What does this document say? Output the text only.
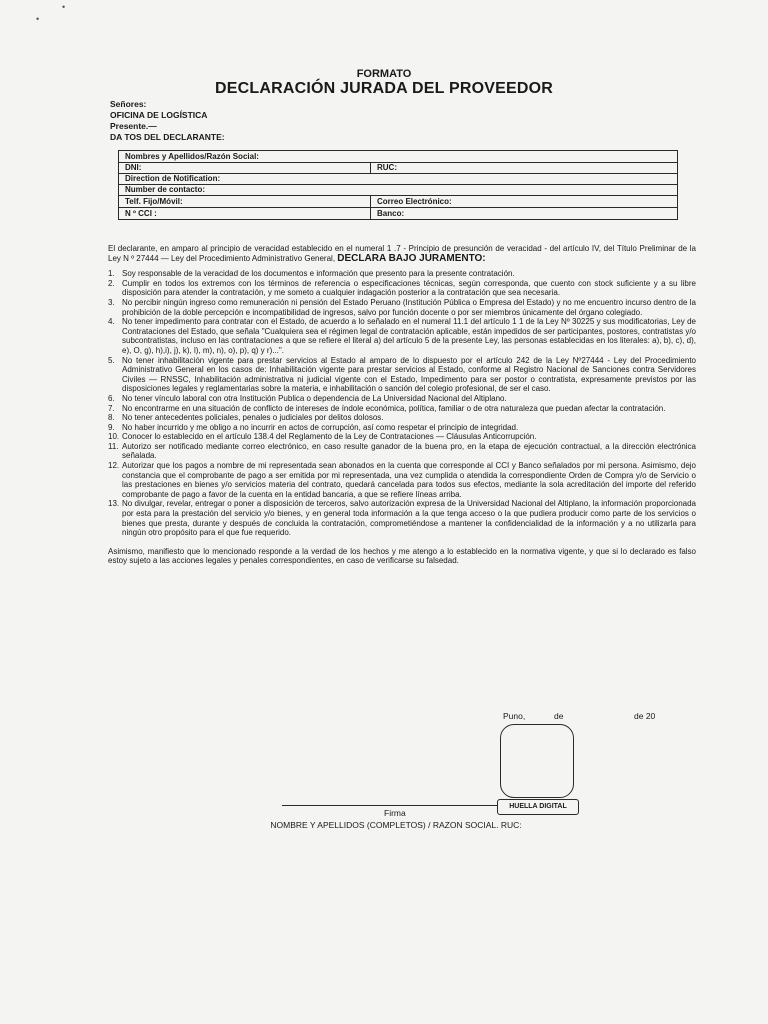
•
•
FORMATO
DECLARACIÓN JURADA DEL PROVEEDOR
Señores:
OFICINA DE LOGÍSTICA
Presente.—
DA TOS DEL DECLARANTE:
Nombres y Apellidos/Razón Social:	
DNI:	RUC:
Direction de Notification:	
Number de contacto:	
Telf. Fijo/Móvil:	Correo Electrónico:
N º CCI :	Banco:

El declarante, en amparo al principio de veracidad establecido en el numeral 1 .7 - Principio de presunción de veracidad - del artículo IV, del Título Preliminar de la Ley N º 27444 — Ley del Procedimiento Administrativo General, DECLARA BAJO JURAMENTO:

1. Soy responsable de la veracidad de los documentos e información que presento para la presente contratación.
2. Cumplir en todos los extremos con los términos de referencia o especificaciones técnicas, según corresponda, que cuento con stock suficiente y a su libre disposición para atender la contratación, y me someto a cualquier indagación posterior a la contratación que sea necesaria.
3. No percibir ningún ingreso como remuneración ni pensión del Estado Peruano (Institución Pública o Empresa del Estado) y no me encuentro incurso dentro de la prohibición de la doble percepción e incompatibilidad de ingresos, salvo por función docente o por ser miembros únicamente del órgano colegiado.
4. No tener impedimento para contratar con el Estado, de acuerdo a lo señalado en el numeral 11.1 del artículo 1 1 de la Ley Nº 30225 y sus modificatorias, Ley de Contrataciones del Estado, que señala "Cualquiera sea el régimen legal de contratación aplicable, están impedidos de ser participantes, postores, contratistas y/o subcontratistas, incluso en las contrataciones a que se refiere el literal a) del artículo 5 de la presente Ley, las personas establecidas en los literales: a), b), c), d), e), O, g), h),i), j), k), l), m), n), o), p), q) y r)...".
5. No tener inhabilitación vigente para prestar servicios al Estado al amparo de lo dispuesto por el artículo 242 de la Ley Nº27444 - Ley del Procedimiento Administrativo General en los casos de: Inhabilitación vigente para prestar servicios al Estado, conforme al Registro Nacional de Sanciones contra Servidores Civiles — RNSSC, Inhabilitación administrativa ni judicial vigente con el Estado, Impedimento para ser postor o contratista, expresamente previstos por las disposiciones legales y reglamentarias sobre la materia, e inhabilitación o sanción del colegio profesional, de ser el caso.
6. No tener vínculo laboral con otra Institución Publica o dependencia de La Universidad Nacional del Altiplano.
7. No encontrarme en una situación de conflicto de intereses de índole económica, política, familiar o de otra naturaleza que puedan afectar la contratación.
8. No tener antecedentes policiales, penales o judiciales por delitos dolosos.
9. No haber incurrido y me obligo a no incurrir en actos de corrupción, así como respetar el principio de integridad.
10. Conocer lo establecido en el artículo 138.4 del Reglamento de la Ley de Contrataciones — Cláusulas Anticorrupción.
11. Autorizo ser notificado mediante correo electrónico, en caso resulte ganador de la buena pro, en la etapa de ejecución contractual, a la dirección electrónica señalada.
12. Autorizar que los pagos a nombre de mi representada sean abonados en la cuenta que corresponde al CCI y Banco señalados por mi persona. Asimismo, dejo constancia que el comprobante de pago a ser emitida por mi representada, una vez cumplida o atendida la correspondiente Orden de Compra y/o de Servicio o las prestaciones en bienes y/o servicios materia del contrato, quedará cancelada para todos sus efectos, mediante la sola acreditación del importe del referido comprobante de pago a favor de la cuenta en la entidad bancaria, a que se refiere líneas arriba.
13. No divulgar, revelar, entregar o poner a disposición de terceros, salvo autorización expresa de la Universidad Nacional del Altiplano, la información proporcionada por esta para la prestación del servicio y/o bienes, y en general toda información a la que tenga acceso o la que pudiera producir como parte de los servicios o bienes que presta, durante y después de concluida la contratación, comprometiéndose a mantener la confidencialidad de la información y a no utilizarla para ningún otro propósito para el que fue requerido.

Asimismo, manifiesto que lo mencionado responde a la verdad de los hechos y me atengo a lo establecido en la normativa vigente, y que si lo declarado es falso estoy sujeto a las acciones legales y penales correspondientes, en caso de verificarse su falsedad.

Puno,	de	de 20
HUELLA DIGITAL
Firma
NOMBRE Y APELLIDOS (COMPLETOS) / RAZON SOCIAL. RUC:
